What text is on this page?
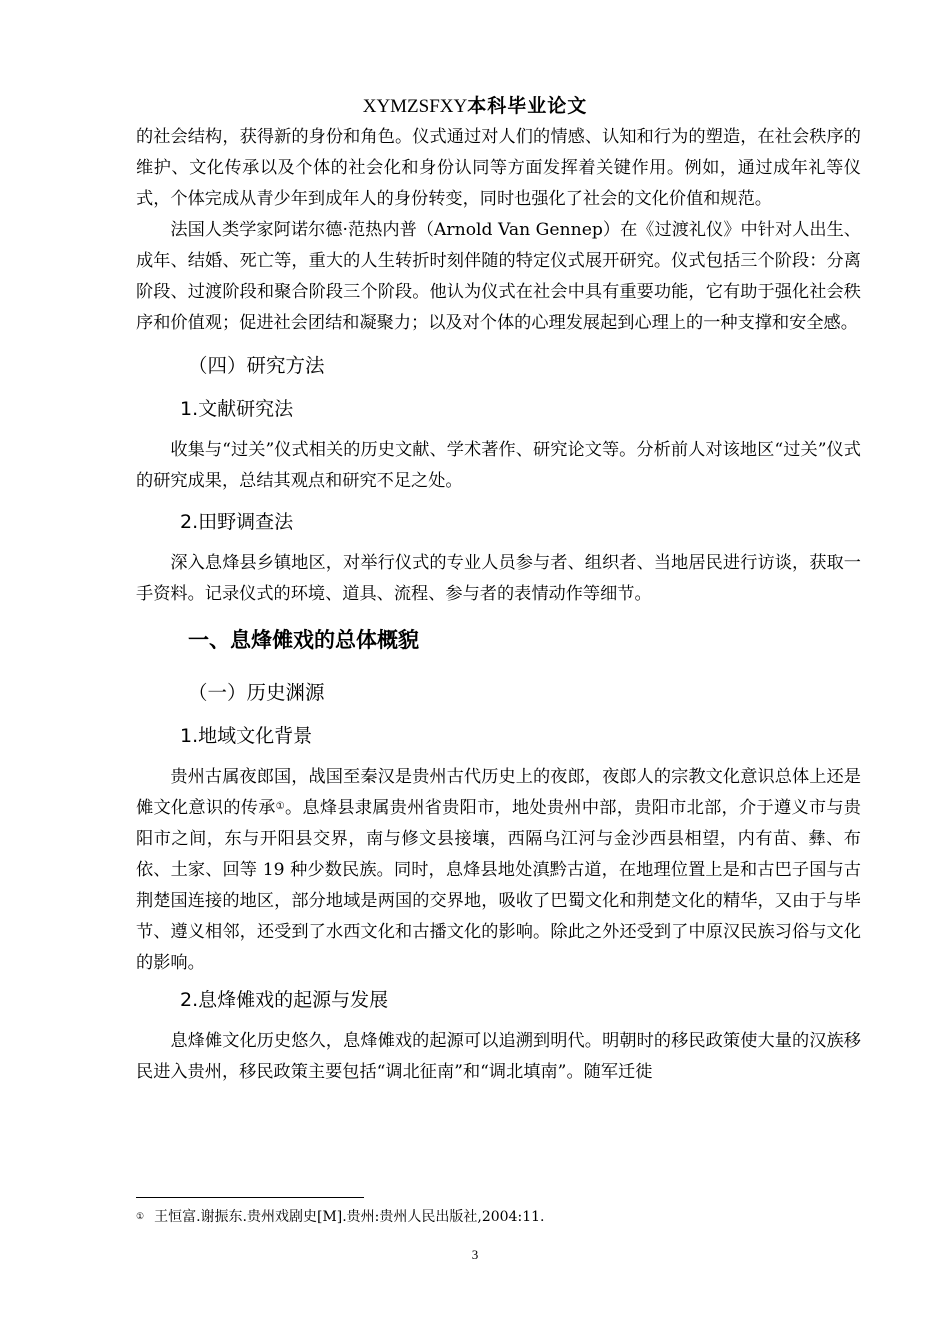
XYMZSFXY本科毕业论文

的社会结构，获得新的身份和角色。仪式通过对人们的情感、认知和行为的塑造，在社会秩序的维护、文化传承以及个体的社会化和身份认同等方面发挥着关键作用。例如，通过成年礼等仪式，个体完成从青少年到成年人的身份转变，同时也强化了社会的文化价值和规范。

法国人类学家阿诺尔德·范热内普（Arnold Van Gennep）在《过渡礼仪》中针对人出生、成年、结婚、死亡等，重大的人生转折时刻伴随的特定仪式展开研究。仪式包括三个阶段：分离阶段、过渡阶段和聚合阶段三个阶段。他认为仪式在社会中具有重要功能，它有助于强化社会秩序和价值观；促进社会团结和凝聚力；以及对个体的心理发展起到心理上的一种支撑和安全感。

（四）研究方法

1.文献研究法

收集与“过关”仪式相关的历史文献、学术著作、研究论文等。分析前人对该地区“过关”仪式的研究成果，总结其观点和研究不足之处。

2.田野调查法

深入息烽县乡镇地区，对举行仪式的专业人员参与者、组织者、当地居民进行访谈，获取一手资料。记录仪式的环境、道具、流程、参与者的表情动作等细节。

一、息烽傩戏的总体概貌

（一）历史渊源

1.地域文化背景

贵州古属夜郎国，战国至秦汉是贵州古代历史上的夜郎，夜郎人的宗教文化意识总体上还是傩文化意识的传承①。息烽县隶属贵州省贵阳市，地处贵州中部，贵阳市北部，介于遵义市与贵阳市之间，东与开阳县交界，南与修文县接壤，西隔乌江河与金沙西县相望，内有苗、彝、布依、土家、回等 19 种少数民族。同时，息烽县地处滇黔古道，在地理位置上是和古巴子国与古荆楚国连接的地区，部分地域是两国的交界地，吸收了巴蜀文化和荆楚文化的精华，又由于与毕节、遵义相邻，还受到了水西文化和古播文化的影响。除此之外还受到了中原汉民族习俗与文化的影响。

2.息烽傩戏的起源与发展

息烽傩文化历史悠久，息烽傩戏的起源可以追溯到明代。明朝时的移民政策使大量的汉族移民进入贵州，移民政策主要包括“调北征南”和“调北填南”。随军迁徙

① 王恒富.谢振东.贵州戏剧史[M].贵州:贵州人民出版社,2004:11.
3
